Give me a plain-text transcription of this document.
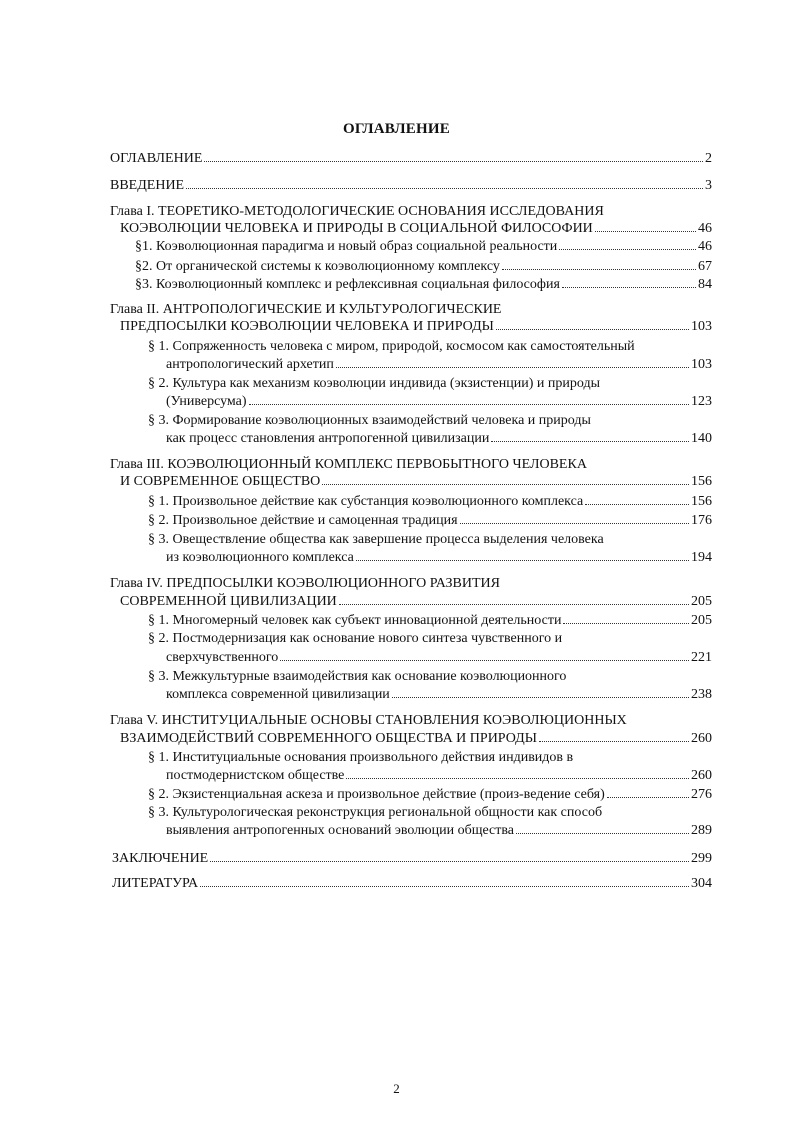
ОГЛАВЛЕНИЕ
ОГЛАВЛЕНИЕ	2
ВВЕДЕНИЕ	3
Глава I. ТЕОРЕТИКО-МЕТОДОЛОГИЧЕСКИЕ ОСНОВАНИЯ ИССЛЕДОВАНИЯ
КОЭВОЛЮЦИИ ЧЕЛОВЕКА И ПРИРОДЫ В СОЦИАЛЬНОЙ ФИЛОСОФИИ	46
§1. Коэволюционная парадигма и новый образ социальной реальности	46
§2. От органической системы к коэволюционному комплексу	67
§3. Коэволюционный комплекс и рефлексивная социальная философия	84
Глава II. АНТРОПОЛОГИЧЕСКИЕ И КУЛЬТУРОЛОГИЧЕСКИЕ
ПРЕДПОСЫЛКИ КОЭВОЛЮЦИИ ЧЕЛОВЕКА И ПРИРОДЫ	103
§ 1. Сопряженность человека с миром, природой, космосом как самостоятельный
антропологический архетип	103
§ 2. Культура как механизм коэволюции индивида (экзистенции) и природы
(Универсума)	123
§ 3. Формирование коэволюционных взаимодействий человека и природы
как процесс становления антропогенной цивилизации	140
Глава III. КОЭВОЛЮЦИОННЫЙ КОМПЛЕКС ПЕРВОБЫТНОГО ЧЕЛОВЕКА
И СОВРЕМЕННОЕ ОБЩЕСТВО	156
§ 1. Произвольное действие как субстанция коэволюционного комплекса	156
§ 2. Произвольное действие и самоценная традиция	176
§ 3. Овеществление общества как завершение процесса выделения человека
из коэволюционного комплекса	194
Глава IV. ПРЕДПОСЫЛКИ КОЭВОЛЮЦИОННОГО РАЗВИТИЯ
СОВРЕМЕННОЙ ЦИВИЛИЗАЦИИ	205
§ 1. Многомерный человек как субъект инновационной деятельности	205
§ 2. Постмодернизация как основание нового синтеза чувственного и
сверхчувственного	221
§ 3. Межкультурные взаимодействия как основание коэволюционного
комплекса современной цивилизации	238
Глава V. ИНСТИТУЦИАЛЬНЫЕ ОСНОВЫ СТАНОВЛЕНИЯ КОЭВОЛЮЦИОННЫХ
ВЗАИМОДЕЙСТВИЙ СОВРЕМЕННОГО ОБЩЕСТВА И ПРИРОДЫ	260
§ 1. Институциальные основания произвольного действия индивидов в
постмодернистском обществе	260
§ 2. Экзистенциальная аскеза и произвольное действие (произ-ведение себя)	276
§ 3. Культурологическая реконструкция региональной общности как способ
выявления антропогенных оснований эволюции общества	289
ЗАКЛЮЧЕНИЕ	299
ЛИТЕРАТУРА	304
2
